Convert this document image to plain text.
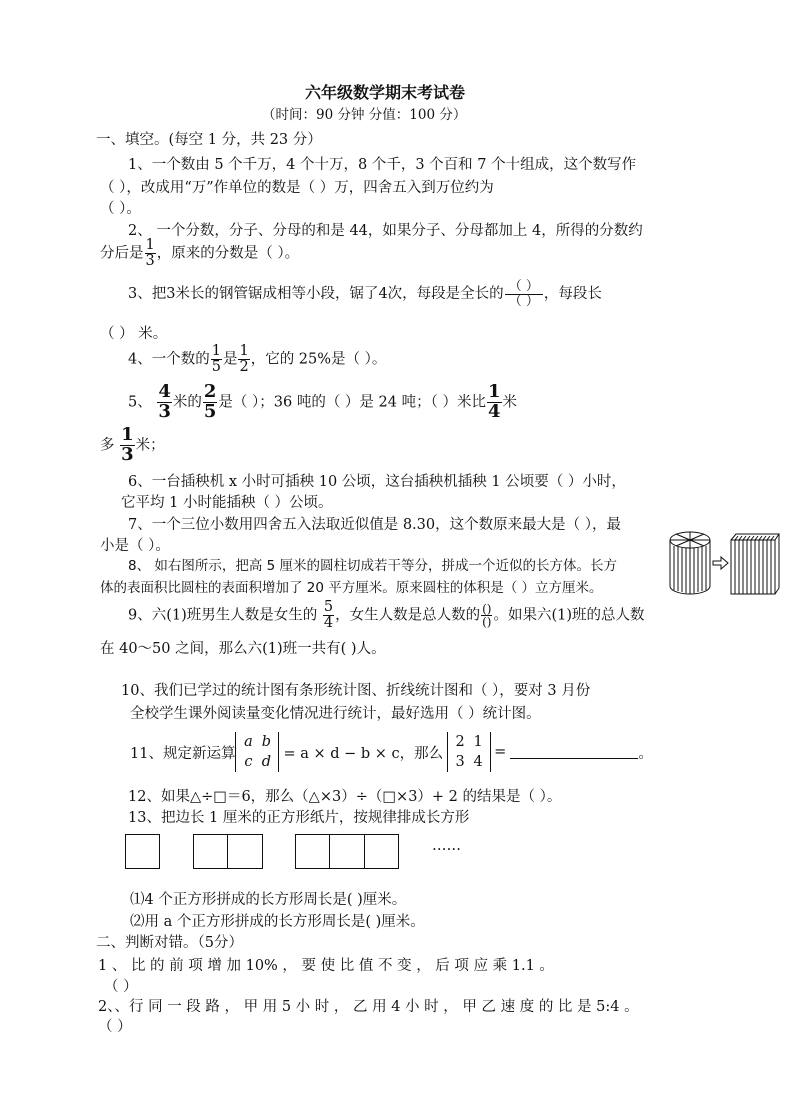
六年级数学期末考试卷
（时间：90 分钟 分值：100 分）
一、填空。(每空 1 分，共 23 分）
1、一个数由 5 个千万，4 个十万，8 个千，3 个百和 7 个十组成，这个数写作
（ ），改成用“万”作单位的数是（ ）万，四舍五入到万位约为
（ ）。
2、 一个分数，分子、分母的和是 44，如果分子、分母都加上 4，所得的分数约
分后是 $\frac{1}{3}$ ，原来的分数是（ ）。
3、把3米长的钢管锯成相等小段，锯了4次，每段是全长的 （ ）
（ ） ，每段长
（ ） 米。
4、一个数的 $\frac{1}{5}$ 是 $\frac{1}{2}$ ，它的 25%是（ ）。
5、 $\frac{4}{3}$ 米的 $\frac{2}{5}$ 是（ ）；36 吨的（ ）是 24 吨；（ ）米比 $\frac{1}{4}$ 米
多 $\frac{1}{3}$ 米；
6、一台插秧机 x 小时可插秧 10 公顷，这台插秧机插秧 1 公顷要（ ）小时，
它平均 1 小时能插秧（ ）公顷。
7、一个三位小数用四舍五入法取近似值是 8.30，这个数原来最大是（ ），最
小是（ ）。
8、 如右图所示，把高 5 厘米的圆柱切成若干等分，拼成一个近似的长方体。长方
体的表面积比圆柱的表面积增加了 20 平方厘米。原来圆柱的体积是（ ）立方厘米。
9、六(1)班男生人数是女生的 $\frac{5}{4}$ ，女生人数是总人数的 ()
() 。如果六(1)班的总人数
在 40～50 之间，那么六(1)班一共有( )人。
10、我们已学过的统计图有条形统计图、折线统计图和（ ），要对 3 月份
全校学生课外阅读量变化情况进行统计，最好选用（ ）统计图。
11、规定新运算
a b
c d
= a × d − b × c，那么
2 1
3 4
=	。
12、如果△÷□＝6，那么（△×3）÷（□×3）+ 2 的结果是（ ）。
13、把边长 1 厘米的正方形纸片，按规律排成长方形
……
⑴4 个正方形拼成的长方形周长是( )厘米。
⑵用 a 个正方形拼成的长方形周长是( )厘米。
二、判断对错。（5分）
1 、 比 的 前 项 增 加 10% ， 要 使 比 值 不 变 ， 后 项 应 乘 1.1 。
（ ）
2、、行 同 一 段 路 ， 甲 用 5 小 时 ， 乙 用 4 小 时 ， 甲 乙 速 度 的 比 是 5:4 。
（ ）
